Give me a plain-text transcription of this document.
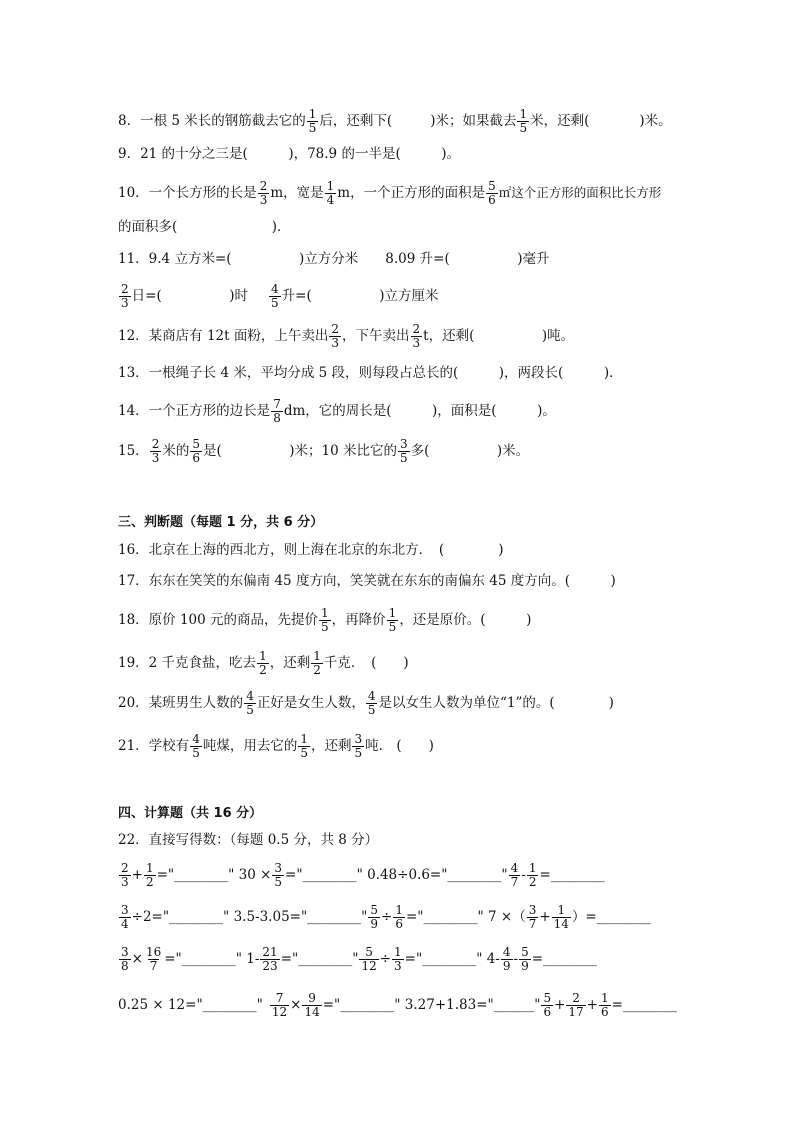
8．一根 5 米长的钢筋截去它的 $\frac{1}{5}$ 后，还剩下(	)米；如果截去 $\frac{1}{5}$ 米，还剩(	)米。
9．21 的十分之三是(　　　)，78.9 的一半是(　　　)。
10．一个长方形的长是 $\frac{2}{3}$ m，宽是 $\frac{1}{4}$ m，一个正方形的面积是 $\frac{5}{6}$ ㎡这个正方形的面积比长方形
的面积多(　　　　　　　)．
11．9.4 立方米=(　　　　　)立方分米　　8.09 升=(　　　　　)毫升
$\frac{2}{3}$ 日=(　　　　　)时 $\frac{4}{5}$ 升=(　　　　　)立方厘米
12．某商店有 12t 面粉，上午卖出 $\frac{2}{3}$ ，下午卖出 $\frac{2}{3}$ t，还剩(　　　　　)吨。
13．一根绳子长 4 米，平均分成 5 段，则每段占总长的(　　　)，两段长(　　　)．
14．一个正方形的边长是 $\frac{7}{8}$ dm，它的周长是(　　　)，面积是(　　　)。
15． $\frac{2}{3}$ 米的 $\frac{5}{6}$ 是(　　　　　)米；10 米比它的 $\frac{3}{5}$ 多(　　　　　)米。
三、判断题（每题 1 分，共 6 分）
16．北京在上海的西北方，则上海在北京的东北方．　(　　　　)
17．东东在笑笑的东偏南 45 度方向，笑笑就在东东的南偏东 45 度方向。(　　　)
18．原价 100 元的商品，先提价 $\frac{1}{5}$ ，再降价 $\frac{1}{5}$ ，还是原价。(　　　)
19．2 千克食盐，吃去 $\frac{1}{2}$ ，还剩 $\frac{1}{2}$ 千克．　(　　)
20．某班男生人数的 $\frac{4}{5}$ 正好是女生人数， $\frac{4}{5}$ 是以女生人数为单位“1”的。(　　　　)
21．学校有 $\frac{4}{5}$ 吨煤，用去它的 $\frac{1}{5}$ ，还剩 $\frac{3}{5}$ 吨.　(　　)
四、计算题（共 16 分）
22．直接写得数：（每题 0.5 分，共 8 分）
$\frac{2}{3} + \frac{1}{2}$ ="________" $30 \times \frac{3}{5}$ ="________" 0.48÷0.6="________" $\frac{4}{7} - \frac{1}{2}$ =________
$\frac{3}{4}$ ÷2="________" 3.5-3.05="________" $\frac{5}{9} \div \frac{1}{6}$ ="________" 7 ×（ $\frac{3}{7} + \frac{1}{14}$ ）=________
$\frac{3}{8} \times \frac{16}{7}$ ="________" $1- \frac{21}{23}$ ="________" $\frac{5}{12} \div \frac{1}{3}$ ="________" $4- \frac{4}{9} - \frac{5}{9}$ =________
0.25 × 12="________" $\frac{7}{12} \times \frac{9}{14}$ ="________" 3.27+1.83="______" $\frac{5}{6} + \frac{2}{17} + \frac{1}{6}$ =________
